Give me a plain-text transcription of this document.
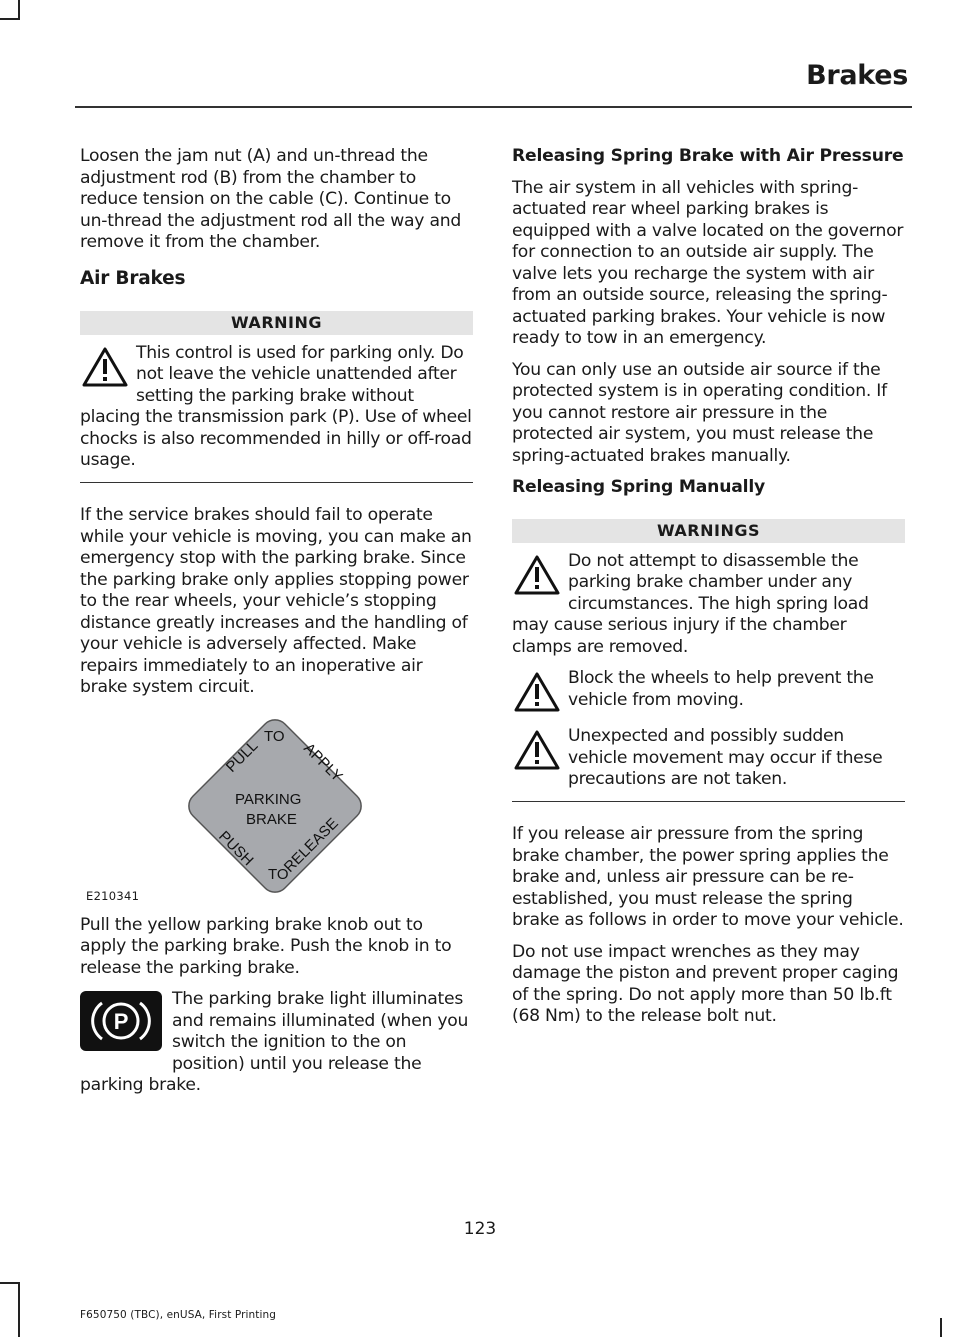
Brakes

Loosen the jam nut (A) and un-thread the adjustment rod (B) from the chamber to reduce tension on the cable (C). Continue to un-thread the adjustment rod all the way and remove it from the chamber.

Air Brakes
WARNING
This control is used for parking only. Do not leave the vehicle unattended after setting the parking brake without placing the transmission park (P). Use of wheel chocks is also recommended in hilly or off-road usage.

If the service brakes should fail to operate while your vehicle is moving, you can make an emergency stop with the parking brake. Since the parking brake only applies stopping power to the rear wheels, your vehicle’s stopping distance greatly increases and the handling of your vehicle is adversely affected. Make repairs immediately to an inoperative air brake system circuit.

PULL
TO
APPLY
PARKING
BRAKE
PUSH
TO
RELEASE
E210341

Pull the yellow parking brake knob out to apply the parking brake. Push the knob in to release the parking brake.

P
The parking brake light illuminates and remains illuminated (when you switch the ignition to the on position) until you release the parking brake.
Releasing Spring Brake with Air Pressure

The air system in all vehicles with spring-actuated rear wheel parking brakes is equipped with a valve located on the governor for connection to an outside air supply. The valve lets you recharge the system with air from an outside source, releasing the spring-actuated parking brakes. Your vehicle is now ready to tow in an emergency.

You can only use an outside air source if the protected system is in operating condition. If you cannot restore air pressure in the protected air system, you must release the spring-actuated brakes manually.

Releasing Spring Manually
WARNINGS
Do not attempt to disassemble the parking brake chamber under any circumstances. The high spring load may cause serious injury if the chamber clamps are removed.
Block the wheels to help prevent the vehicle from moving.
Unexpected and possibly sudden vehicle movement may occur if these precautions are not taken.

If you release air pressure from the spring brake chamber, the power spring applies the brake and, unless air pressure can be re-established, you must release the spring brake as follows in order to move your vehicle.

Do not use impact wrenches as they may damage the piston and prevent proper caging of the spring. Do not apply more than 50 lb.ft (68 Nm) to the release bolt nut.

123
F650750 (TBC), enUSA, First Printing
